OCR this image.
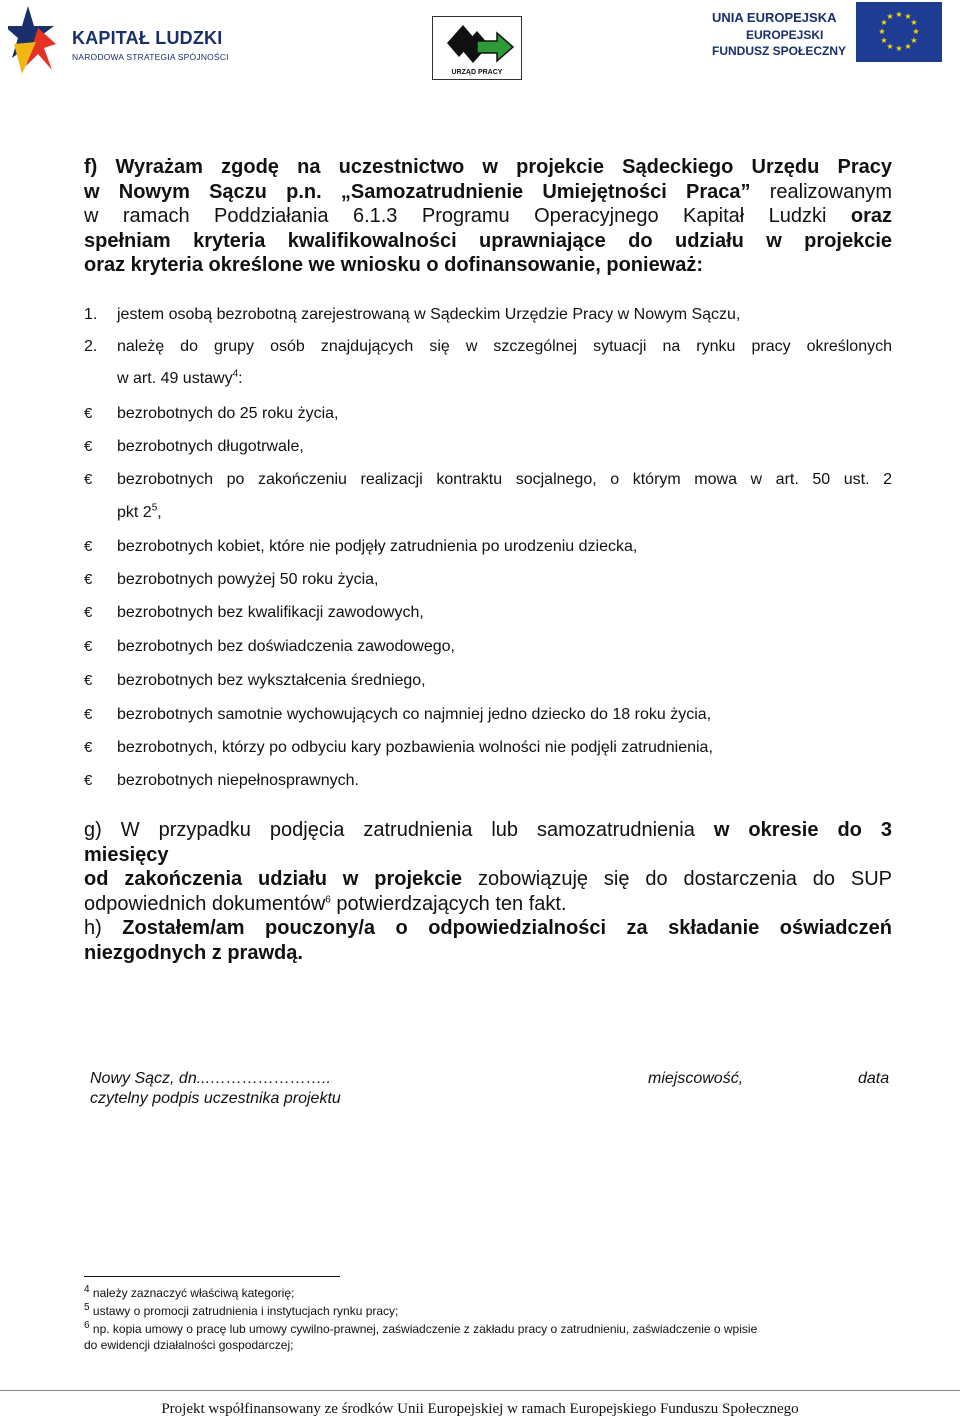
KAPITAŁ LUDZKI
NARODOWA STRATEGIA SPÓJNOŚCI
URZĄD PRACY
UNIA EUROPEJSKA
EUROPEJSKI
FUNDUSZ SPOŁECZNY
★ ★
★
★
★
★
★
★
★
★
★
★
f) Wyrażam zgodę na uczestnictwo w projekcie Sądeckiego Urzędu Pracy
w Nowym Sączu p.n. „Samozatrudnienie Umiejętności Praca” realizowanym
w ramach Poddziałania 6.1.3 Programu Operacyjnego Kapitał Ludzki oraz
spełniam kryteria kwalifikowalności uprawniające do udziału w projekcie
oraz kryteria określone we wniosku o dofinansowanie, ponieważ:
1. jestem osobą bezrobotną zarejestrowaną w Sądeckim Urzędzie Pracy w Nowym Sączu,
2. należę do grupy osób znajdujących się w szczególnej sytuacji na rynku pracy określonych
w art. 49 ustawy$^4$:
€ bezrobotnych do 25 roku życia,
€ bezrobotnych długotrwale,
€ bezrobotnych po zakończeniu realizacji kontraktu socjalnego, o którym mowa w art. 50 ust. 2
pkt $2^5$,
€ bezrobotnych kobiet, które nie podjęły zatrudnienia po urodzeniu dziecka,
€ bezrobotnych powyżej 50 roku życia,
€ bezrobotnych bez kwalifikacji zawodowych,
€ bezrobotnych bez doświadczenia zawodowego,
€ bezrobotnych bez wykształcenia średniego,
€ bezrobotnych samotnie wychowujących co najmniej jedno dziecko do 18 roku życia,
€ bezrobotnych, którzy po odbyciu kary pozbawienia wolności nie podjęli zatrudnienia,
€ bezrobotnych niepełnosprawnych.
g) W przypadku podjęcia zatrudnienia lub samozatrudnienia w okresie do 3
miesięcy
od zakończenia udziału w projekcie zobowiązuję się do dostarczenia do SUP
odpowiednich dokumentów$^6$ potwierdzających ten fakt.
h) Zostałem/am pouczony/a o odpowiedzialności za składanie oświadczeń
niezgodnych z prawdą.
Nowy Sącz, dn...…………………..	miejscowość,	data
czytelny podpis uczestnika projektu
$^4$ należy zaznaczyć właściwą kategorię;
$^5$ ustawy o promocji zatrudnienia i instytucjach rynku pracy;
$^6$ np. kopia umowy o pracę lub umowy cywilno-prawnej, zaświadczenie z zakładu pracy o zatrudnieniu, zaświadczenie o wpisie
do ewidencji działalności gospodarczej;
Projekt współfinansowany ze środków Unii Europejskiej w ramach Europejskiego Funduszu Społecznego
